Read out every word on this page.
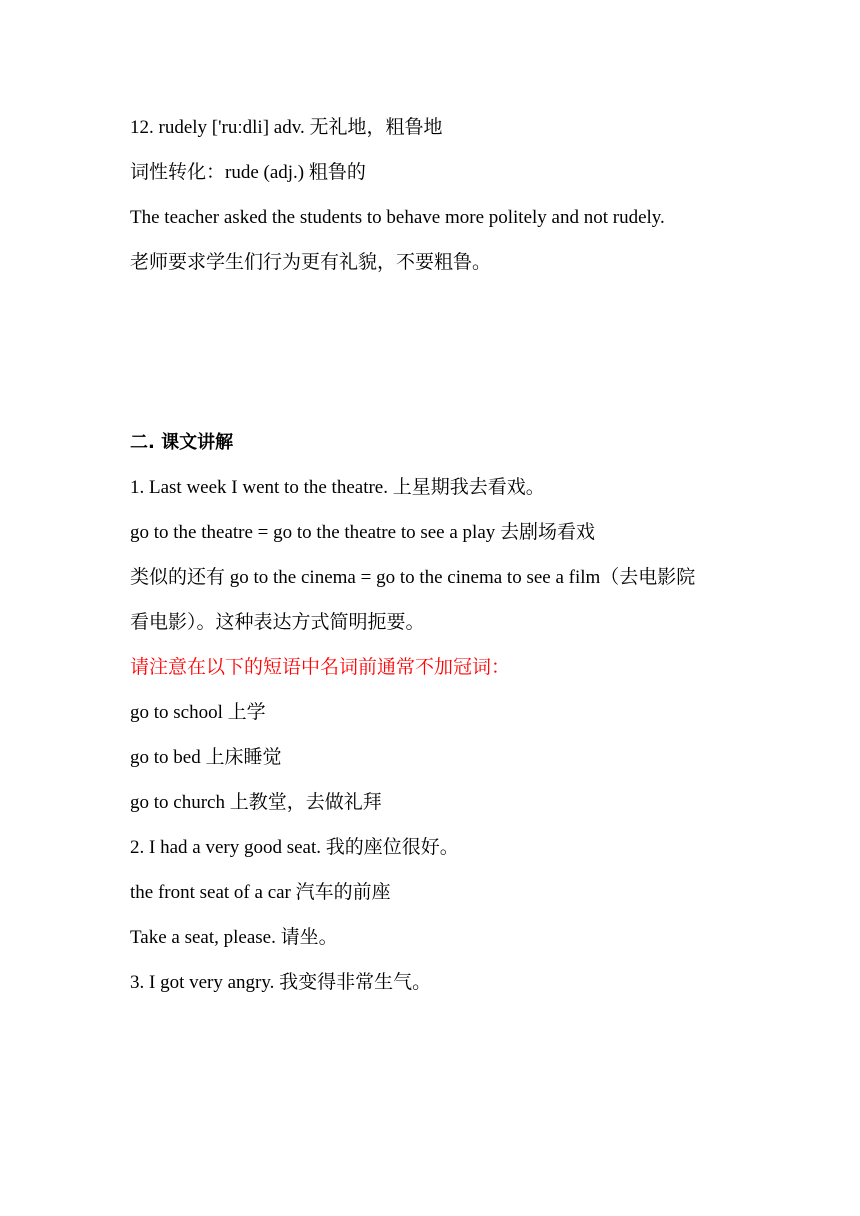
12. rudely ['ruːdli] adv. 无礼地，粗鲁地
词性转化：rude (adj.) 粗鲁的
The teacher asked the students to behave more politely and not rudely.
老师要求学生们行为更有礼貌，不要粗鲁。
二. 课文讲解
1. Last week I went to the theatre. 上星期我去看戏。
go to the theatre = go to the theatre to see a play 去剧场看戏
类似的还有 go to the cinema = go to the cinema to see a film（去电影院
看电影）。这种表达方式简明扼要。
请注意在以下的短语中名词前通常不加冠词：
go to school 上学
go to bed 上床睡觉
go to church 上教堂，去做礼拜
2. I had a very good seat. 我的座位很好。
the front seat of a car 汽车的前座
Take a seat, please. 请坐。
3. I got very angry. 我变得非常生气。
